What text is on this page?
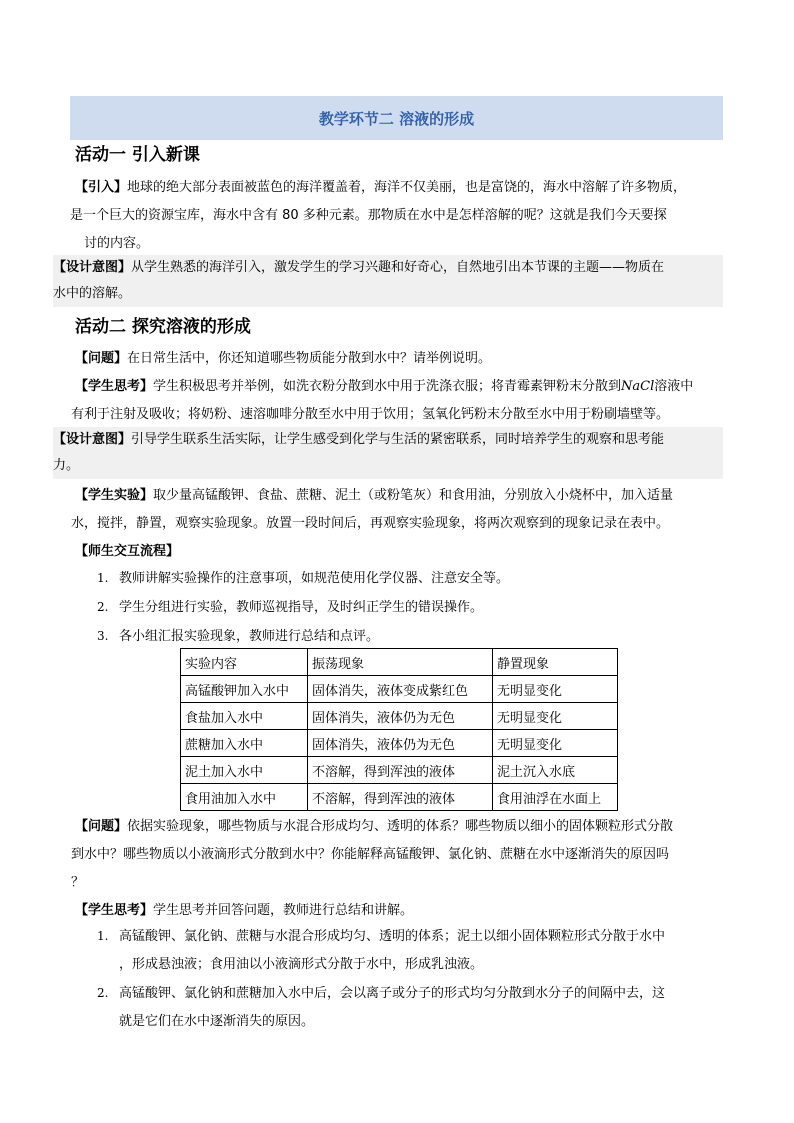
教学环节二 溶液的形成
活动一 引入新课
【引入】地球的绝大部分表面被蓝色的海洋覆盖着，海洋不仅美丽，也是富饶的，海水中溶解了许多物质，
是一个巨大的资源宝库，海水中含有 80 多种元素。那物质在水中是怎样溶解的呢？这就是我们今天要探
讨的内容。
【设计意图】从学生熟悉的海洋引入，激发学生的学习兴趣和好奇心，自然地引出本节课的主题——物质在
水中的溶解。
活动二 探究溶液的形成
【问题】在日常生活中，你还知道哪些物质能分散到水中？请举例说明。
【学生思考】学生积极思考并举例，如洗衣粉分散到水中用于洗涤衣服；将青霉素钾粉末分散到NaCl溶液中
有利于注射及吸收；将奶粉、速溶咖啡分散至水中用于饮用；氢氧化钙粉末分散至水中用于粉刷墙壁等。
【设计意图】引导学生联系生活实际，让学生感受到化学与生活的紧密联系，同时培养学生的观察和思考能
力。
【学生实验】取少量高锰酸钾、食盐、蔗糖、泥土（或粉笔灰）和食用油，分别放入小烧杯中，加入适量
水，搅拌，静置，观察实验现象。放置一段时间后，再观察实验现象，将两次观察到的现象记录在表中。
【师生交互流程】
1. 教师讲解实验操作的注意事项，如规范使用化学仪器、注意安全等。
2. 学生分组进行实验，教师巡视指导，及时纠正学生的错误操作。
3. 各小组汇报实验现象，教师进行总结和点评。
实验内容	振荡现象	静置现象
高锰酸钾加入水中	固体消失，液体变成紫红色	无明显变化
食盐加入水中	固体消失，液体仍为无色	无明显变化
蔗糖加入水中	固体消失，液体仍为无色	无明显变化
泥土加入水中	不溶解，得到浑浊的液体	泥土沉入水底
食用油加入水中	不溶解，得到浑浊的液体	食用油浮在水面上
【问题】依据实验现象，哪些物质与水混合形成均匀、透明的体系？哪些物质以细小的固体颗粒形式分散
到水中？哪些物质以小液滴形式分散到水中？你能解释高锰酸钾、氯化钠、蔗糖在水中逐渐消失的原因吗
？
【学生思考】学生思考并回答问题，教师进行总结和讲解。
1. 高锰酸钾、氯化钠、蔗糖与水混合形成均匀、透明的体系；泥土以细小固体颗粒形式分散于水中
，形成悬浊液；食用油以小液滴形式分散于水中，形成乳浊液。
2. 高锰酸钾、氯化钠和蔗糖加入水中后，会以离子或分子的形式均匀分散到水分子的间隔中去，这
就是它们在水中逐渐消失的原因。
